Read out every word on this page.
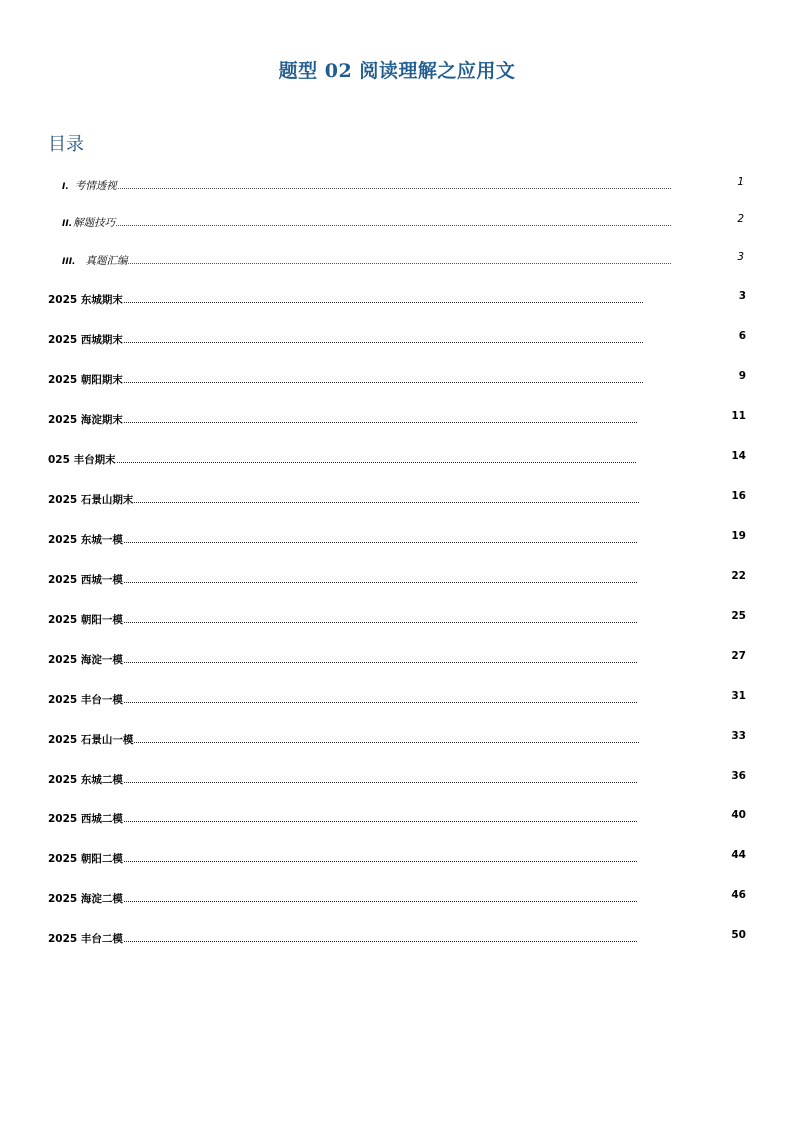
题型 02 阅读理解之应用文
目录
I. 考情透视	1
II.解题技巧	2
III. 真题汇编	3
2025 东城期末	3
2025 西城期末	6
2025 朝阳期末	9
2025 海淀期末	11
025 丰台期末	14
2025 石景山期末	16
2025 东城一模	19
2025 西城一模	22
2025 朝阳一模	25
2025 海淀一模	27
2025 丰台一模	31
2025 石景山一模	33
2025 东城二模	36
2025 西城二模	40
2025 朝阳二模	44
2025 海淀二模	46
2025 丰台二模	50
